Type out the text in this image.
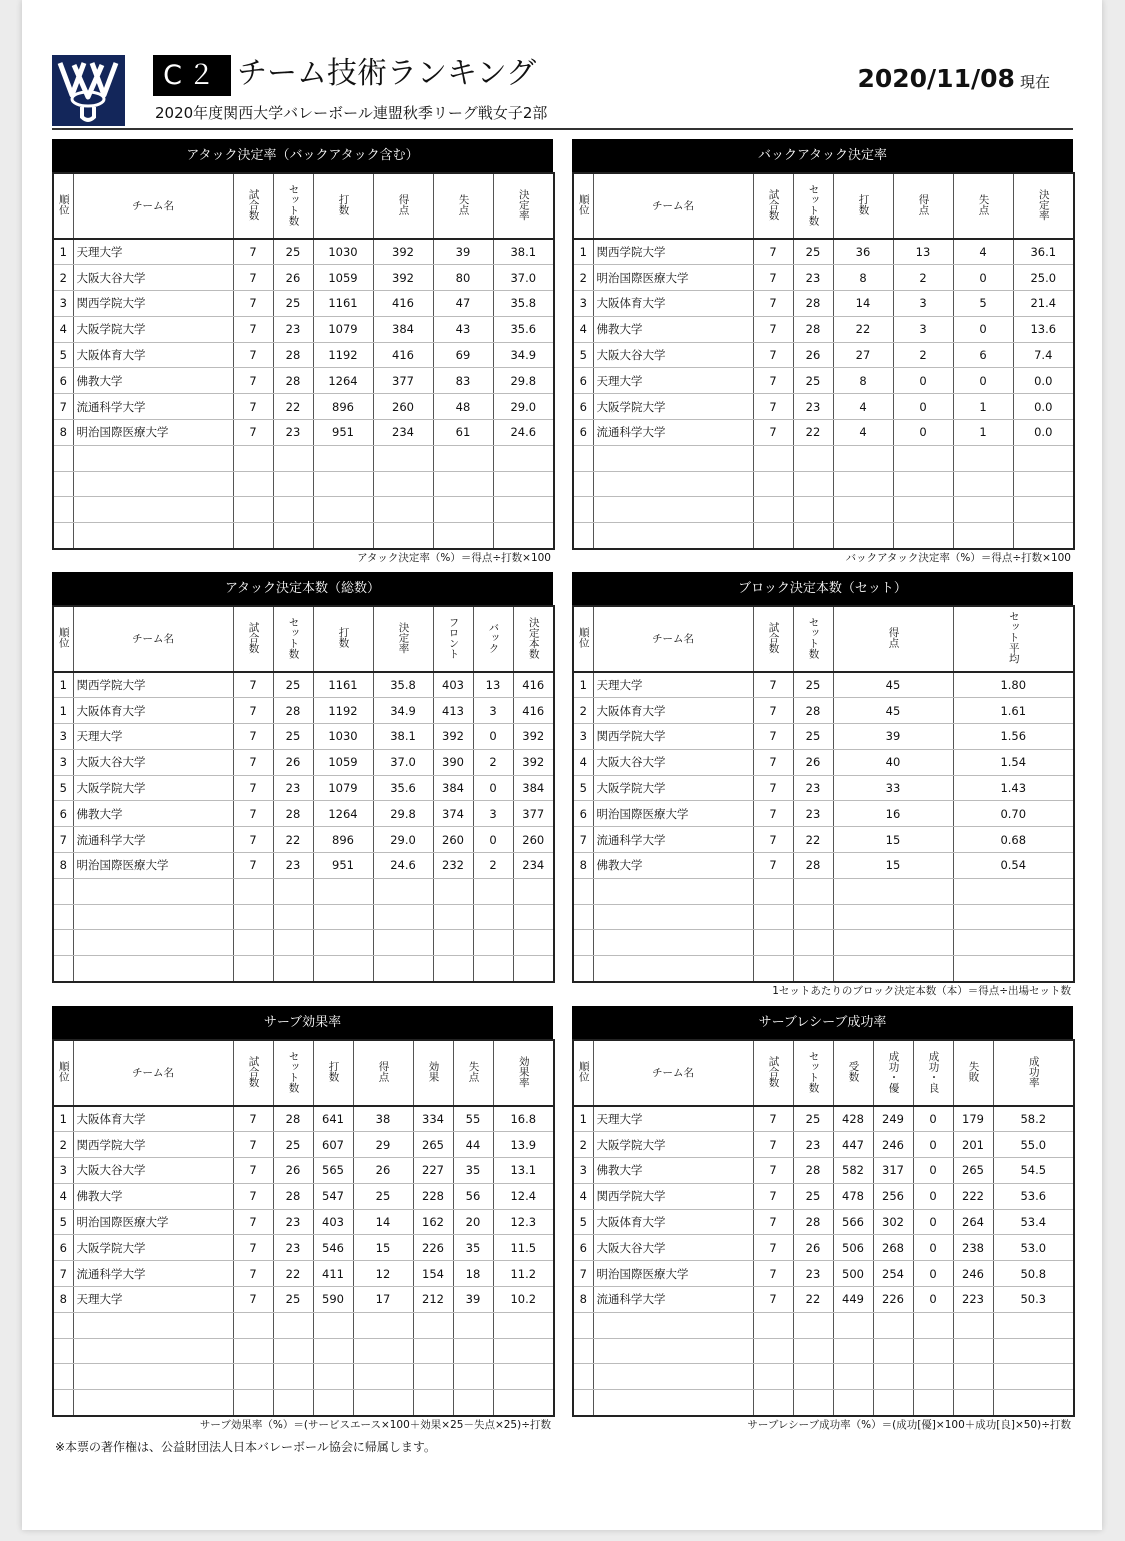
C２ チーム技術ランキング
2020年度関西大学バレーボール連盟秋季リーグ戦女子2部
2020/11/08 現在
アタック決定率（バックアタック含む）
順位	チーム名	試合数	セット数	打数	得点	失点	決定率
1	天理大学	7	25	1030	392	39	38.1
2	大阪大谷大学	7	26	1059	392	80	37.0
3	関西学院大学	7	25	1161	416	47	35.8
4	大阪学院大学	7	23	1079	384	43	35.6
5	大阪体育大学	7	28	1192	416	69	34.9
6	佛教大学	7	28	1264	377	83	29.8
7	流通科学大学	7	22	896	260	48	29.0
8	明治国際医療大学	7	23	951	234	61	24.6

アタック決定率（%）＝得点÷打数×100
バックアタック決定率
順位	チーム名	試合数	セット数	打数	得点	失点	決定率
1	関西学院大学	7	25	36	13	4	36.1
2	明治国際医療大学	7	23	8	2	0	25.0
3	大阪体育大学	7	28	14	3	5	21.4
4	佛教大学	7	28	22	3	0	13.6
5	大阪大谷大学	7	26	27	2	6	7.4
6	天理大学	7	25	8	0	0	0.0
6	大阪学院大学	7	23	4	0	1	0.0
6	流通科学大学	7	22	4	0	1	0.0

バックアタック決定率（%）＝得点÷打数×100
アタック決定本数（総数）
順位	チーム名	試合数	セット数	打数	決定率	フロント	バック	決定本数
1	関西学院大学	7	25	1161	35.8	403	13	416
1	大阪体育大学	7	28	1192	34.9	413	3	416
3	天理大学	7	25	1030	38.1	392	0	392
3	大阪大谷大学	7	26	1059	37.0	390	2	392
5	大阪学院大学	7	23	1079	35.6	384	0	384
6	佛教大学	7	28	1264	29.8	374	3	377
7	流通科学大学	7	22	896	29.0	260	0	260
8	明治国際医療大学	7	23	951	24.6	232	2	234

ブロック決定本数（セット）
順位	チーム名	試合数	セット数	得点	セット平均
1	天理大学	7	25	45	1.80
2	大阪体育大学	7	28	45	1.61
3	関西学院大学	7	25	39	1.56
4	大阪大谷大学	7	26	40	1.54
5	大阪学院大学	7	23	33	1.43
6	明治国際医療大学	7	23	16	0.70
7	流通科学大学	7	22	15	0.68
8	佛教大学	7	28	15	0.54

1セットあたりのブロック決定本数（本）＝得点÷出場セット数
サーブ効果率
順位	チーム名	試合数	セット数	打数	得点	効果	失点	効果率
1	大阪体育大学	7	28	641	38	334	55	16.8
2	関西学院大学	7	25	607	29	265	44	13.9
3	大阪大谷大学	7	26	565	26	227	35	13.1
4	佛教大学	7	28	547	25	228	56	12.4
5	明治国際医療大学	7	23	403	14	162	20	12.3
6	大阪学院大学	7	23	546	15	226	35	11.5
7	流通科学大学	7	22	411	12	154	18	11.2
8	天理大学	7	25	590	17	212	39	10.2

サーブ効果率（%）＝(サービスエース×100＋効果×25－失点×25)÷打数
サーブレシーブ成功率
順位	チーム名	試合数	セット数	受数	成功・優	成功・良	失敗	成功率
1	天理大学	7	25	428	249	0	179	58.2
2	大阪学院大学	7	23	447	246	0	201	55.0
3	佛教大学	7	28	582	317	0	265	54.5
4	関西学院大学	7	25	478	256	0	222	53.6
5	大阪体育大学	7	28	566	302	0	264	53.4
6	大阪大谷大学	7	26	506	268	0	238	53.0
7	明治国際医療大学	7	23	500	254	0	246	50.8
8	流通科学大学	7	22	449	226	0	223	50.3

サーブレシーブ成功率（%）＝(成功[優]×100＋成功[良]×50)÷打数
※本票の著作権は、公益財団法人日本バレーボール協会に帰属します。
